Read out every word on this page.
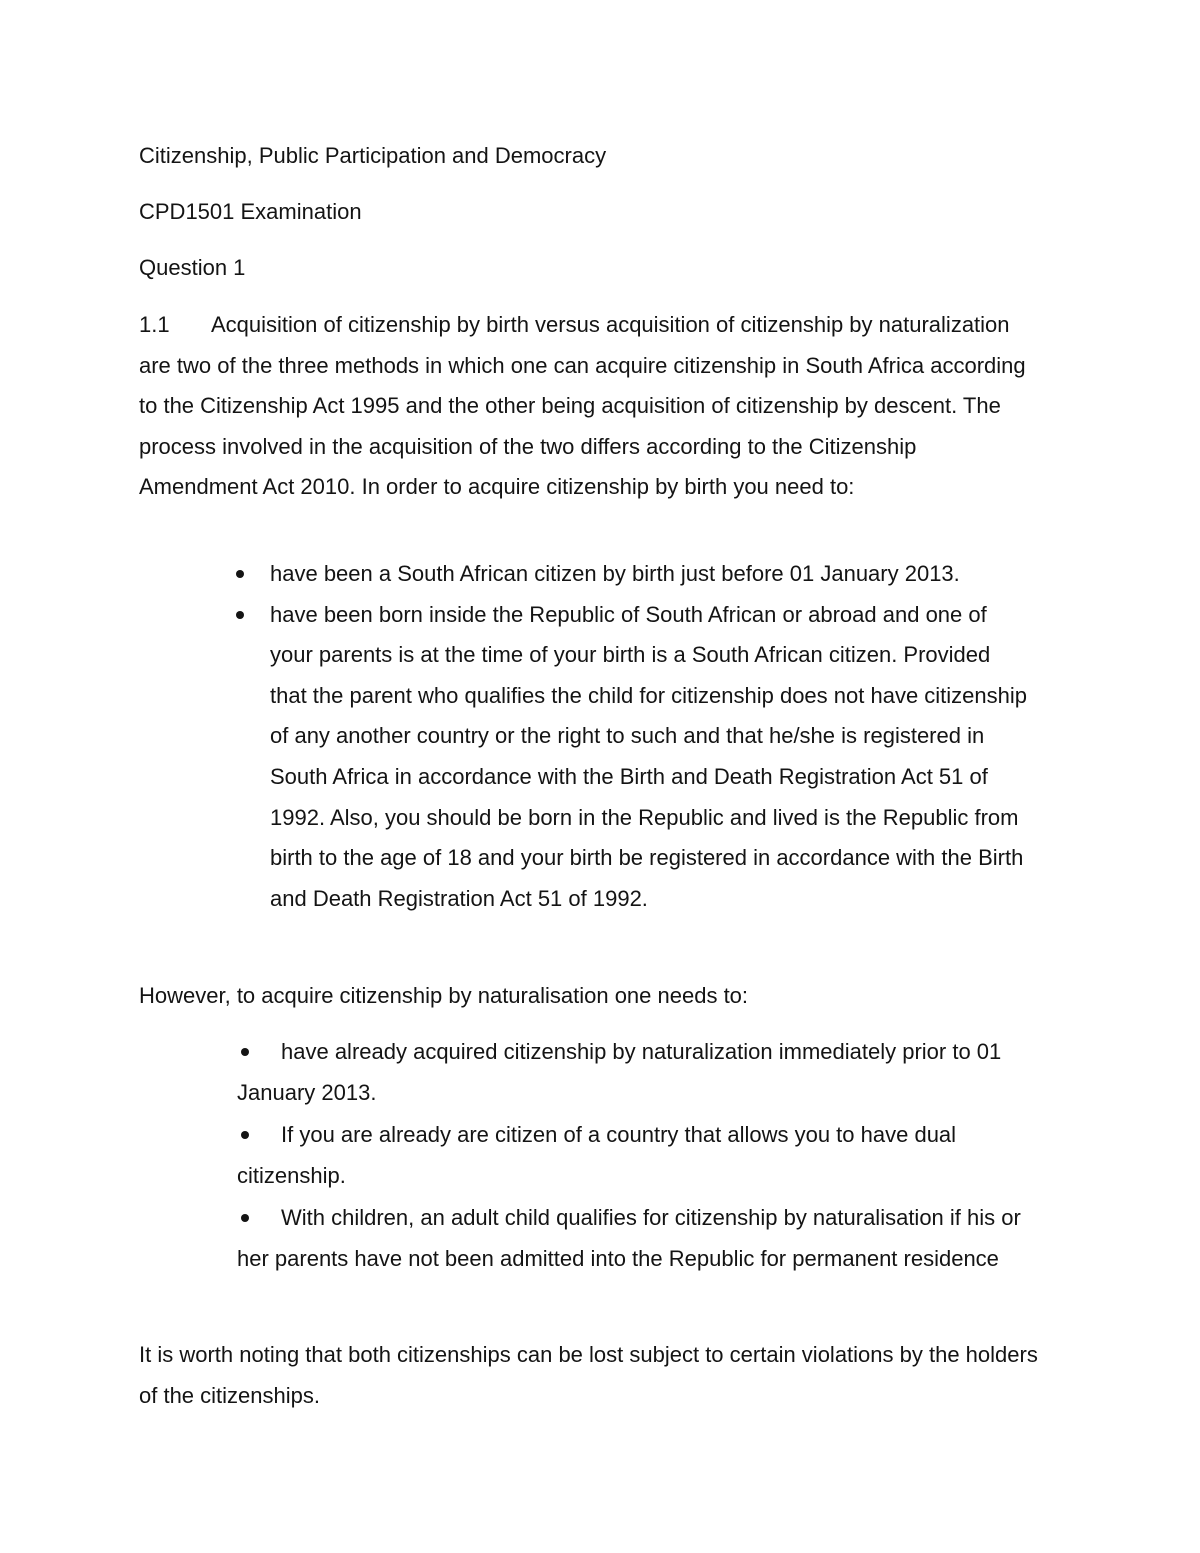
Citizenship, Public Participation and Democracy
CPD1501 Examination
Question 1

1.1 Acquisition of citizenship by birth versus acquisition of citizenship by naturalization are two of the three methods in which one can acquire citizenship in South Africa according to the Citizenship Act 1995 and the other being acquisition of citizenship by descent. The process involved in the acquisition of the two differs according to the Citizenship Amendment Act 2010. In order to acquire citizenship by birth you need to:

have been a South African citizen by birth just before 01 January 2013.
have been born inside the Republic of South African or abroad and one of your parents is at the time of your birth is a South African citizen. Provided that the parent who qualifies the child for citizenship does not have citizenship of any another country or the right to such and that he/she is registered in South Africa in accordance with the Birth and Death Registration Act 51 of 1992. Also, you should be born in the Republic and lived is the Republic from birth to the age of 18 and your birth be registered in accordance with the Birth and Death Registration Act 51 of 1992.

However, to acquire citizenship by naturalisation one needs to:

have already acquired citizenship by naturalization immediately prior to 01 January 2013.
If you are already are citizen of a country that allows you to have dual citizenship.
With children, an adult child qualifies for citizenship by naturalisation if his or her parents have not been admitted into the Republic for permanent residence

It is worth noting that both citizenships can be lost subject to certain violations by the holders of the citizenships.
